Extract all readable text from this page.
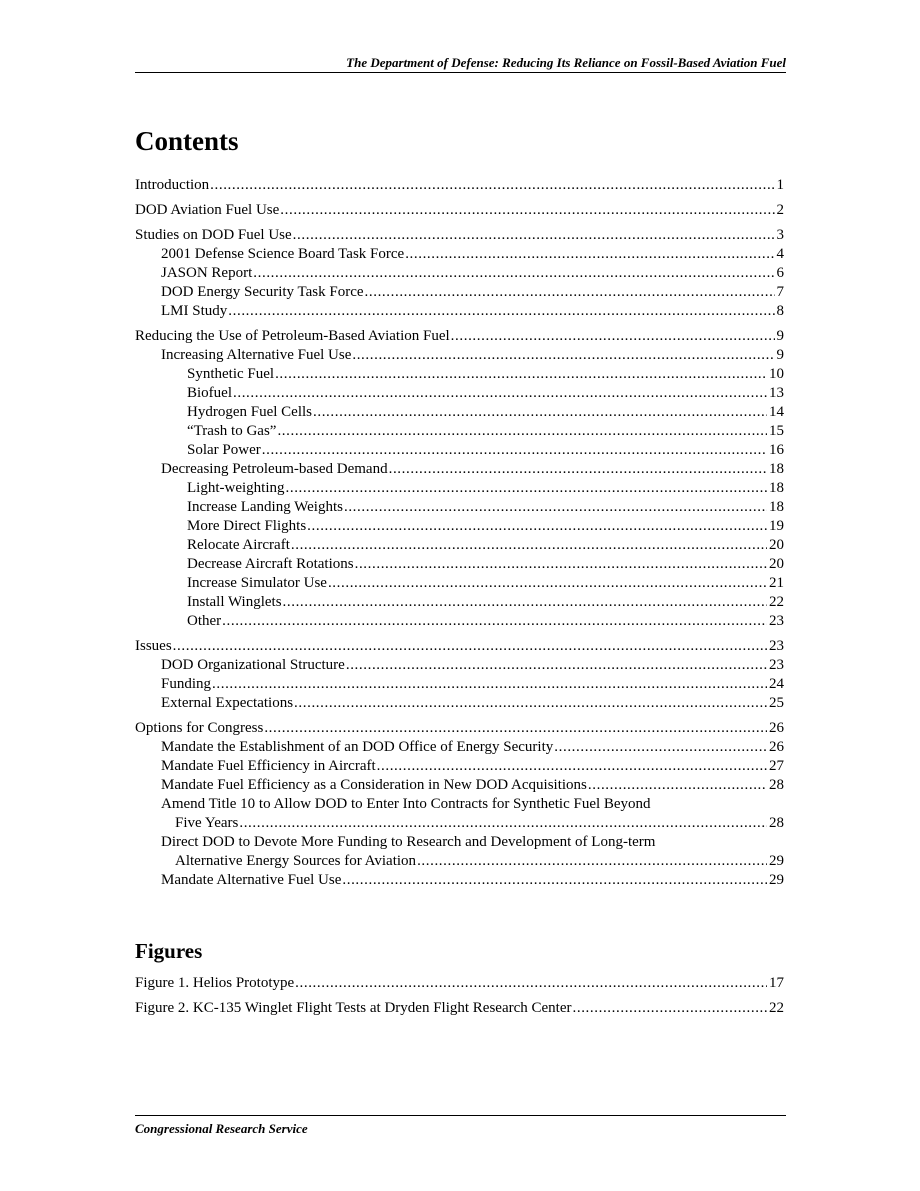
The Department of Defense: Reducing Its Reliance on Fossil-Based Aviation Fuel
Contents
Introduction .....	1
DOD Aviation Fuel Use .....	2
Studies on DOD Fuel Use .....	3
2001 Defense Science Board Task Force .....	4
JASON Report .....	6
DOD Energy Security Task Force .....	7
LMI Study .....	8
Reducing the Use of Petroleum-Based Aviation Fuel .....	9
Increasing Alternative Fuel Use .....	9
Synthetic Fuel .....	10
Biofuel .....	13
Hydrogen Fuel Cells .....	14
“Trash to Gas” .....	15
Solar Power .....	16
Decreasing Petroleum-based Demand .....	18
Light-weighting .....	18
Increase Landing Weights .....	18
More Direct Flights .....	19
Relocate Aircraft .....	20
Decrease Aircraft Rotations .....	20
Increase Simulator Use .....	21
Install Winglets .....	22
Other .....	23
Issues .....	23
DOD Organizational Structure .....	23
Funding .....	24
External Expectations .....	25
Options for Congress .....	26
Mandate the Establishment of an DOD Office of Energy Security .....	26
Mandate Fuel Efficiency in Aircraft .....	27
Mandate Fuel Efficiency as a Consideration in New DOD Acquisitions .....	28
Amend Title 10 to Allow DOD to Enter Into Contracts for Synthetic Fuel Beyond
Five Years .....	28
Direct DOD to Devote More Funding to Research and Development of Long-term
Alternative Energy Sources for Aviation .....	29
Mandate Alternative Fuel Use .....	29
Figures
Figure 1. Helios Prototype .....	17
Figure 2. KC-135 Winglet Flight Tests at Dryden Flight Research Center .....	22
Congressional Research Service
